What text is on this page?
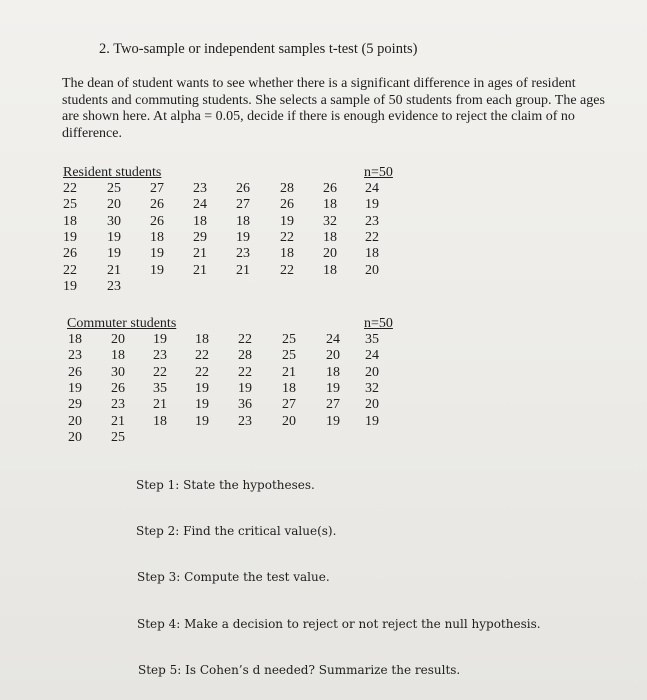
2. Two-sample or independent samples t-test (5 points)

The dean of student wants to see whether there is a significant difference in ages of resident

students and commuting students. She selects a sample of 50 students from each group. The ages

are shown here. At alpha = 0.05, decide if there is enough evidence to reject the claim of no

difference.

Resident students	n=50
22	25	27	23	26	28	26	24
25	20	26	24	27	26	18	19
18	30	26	18	18	19	32	23
19	19	18	29	19	22	18	22
26	19	19	21	23	18	20	18
22	21	19	21	21	22	18	20
19	23
Commuter students	n=50
18	20	19	18	22	25	24	35
23	18	23	22	28	25	20	24
26	30	22	22	22	21	18	20
19	26	35	19	19	18	19	32
29	23	21	19	36	27	27	20
20	21	18	19	23	20	19	19
20	25
Step 1: State the hypotheses.
Step 2: Find the critical value(s).
Step 3: Compute the test value.
Step 4: Make a decision to reject or not reject the null hypothesis.
Step 5: Is Cohen’s d needed? Summarize the results.
